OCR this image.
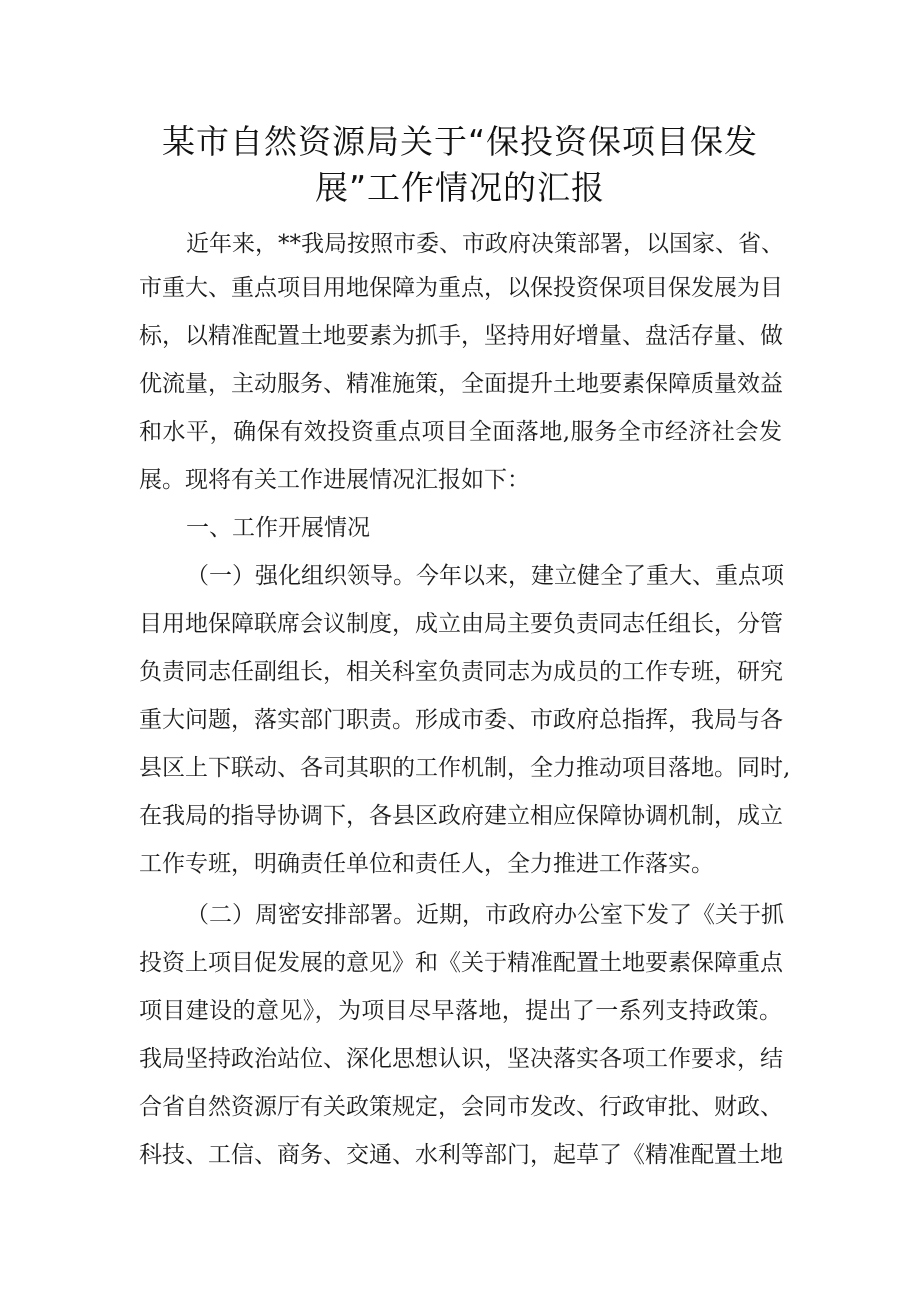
某市自然资源局关于“保投资保项目保发
展”工作情况的汇报
近年来，**我局按照市委、市政府决策部署，以国家、省、
市重大、重点项目用地保障为重点，以保投资保项目保发展为目
标，以精准配置土地要素为抓手，坚持用好增量、盘活存量、做
优流量，主动服务、精准施策，全面提升土地要素保障质量效益
和水平，确保有效投资重点项目全面落地,服务全市经济社会发
展。现将有关工作进展情况汇报如下：
一、工作开展情况
（一）强化组织领导。今年以来，建立健全了重大、重点项
目用地保障联席会议制度，成立由局主要负责同志任组长，分管
负责同志任副组长，相关科室负责同志为成员的工作专班，研究
重大问题，落实部门职责。形成市委、市政府总指挥，我局与各
县区上下联动、各司其职的工作机制，全力推动项目落地。同时,
在我局的指导协调下，各县区政府建立相应保障协调机制，成立
工作专班，明确责任单位和责任人，全力推进工作落实。
（二）周密安排部署。近期，市政府办公室下发了《关于抓
投资上项目促发展的意见》和《关于精准配置土地要素保障重点
项目建设的意见》，为项目尽早落地，提出了一系列支持政策。
我局坚持政治站位、深化思想认识，坚决落实各项工作要求，结
合省自然资源厅有关政策规定，会同市发改、行政审批、财政、
科技、工信、商务、交通、水利等部门，起草了《精准配置土地
